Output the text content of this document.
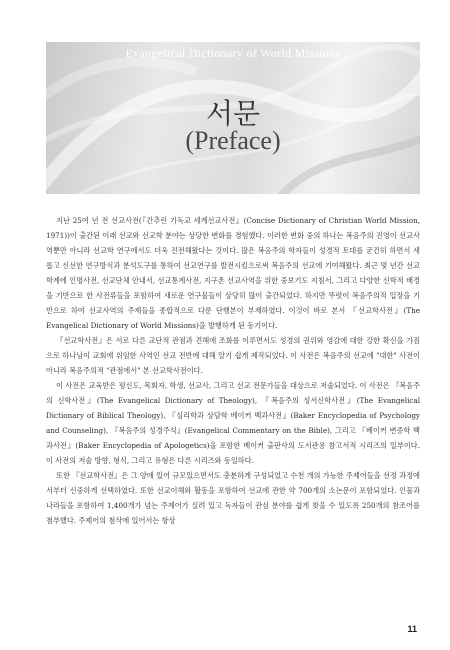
Evangelical Dictionary of World Missions
서문
(Preface)

지난 25여 년 전 선교사전(『간추린 기독교 세계선교사전』(Concise Dictionary of Christian World Mission, 1971))이 출간된 이래 선교와 선교학 분야는 상당한 변화를 경험했다. 이러한 변화 중의 하나는 복음주의 진영이 선교사역뿐만 아니라 선교학 연구에서도 더욱 진전해왔다는 것이다. 많은 복음주의 학자들이 성경적 토대를 굳건히 하면서 새롭고 신선한 연구방식과 분석도구를 통하여 선교연구를 발전시킴으로써 복음주의 선교에 기여해왔다. 최근 몇 년간 선교학계에 인명사전, 선교단체 안내서, 선교통계사전, 지구촌 선교사역을 위한 중보기도 지침서, 그리고 다양한 신학적 배경을 기반으로 한 사전류들을 포함하여 새로운 연구물들이 상당히 많이 출간되었다. 하지만 뚜렷이 복음주의적 입장을 기반으로 하여 선교사역의 주제들을 종합적으로 다룬 단행본이 부재하였다. 이것이 바로 본서 『선교학사전』(The Evangelical Dictionary of World Missions)을 발행하게 된 동기이다.

『선교학사전』은 서로 다른 교단적 관점과 견해에 조화를 이루면서도 성경의 권위와 영감에 대한 강한 확신을 가짐으로 하나님이 교회에 위임한 사역인 선교 전반에 대해 알기 쉽게 제작되었다. 이 사전은 복음주의 선교에 "대한" 사전이 아니라 복음주의적 "관점에서" 본 선교학사전이다.

이 사전은 교육받은 평신도, 목회자, 학생, 선교사, 그리고 선교 전문가들을 대상으로 저술되었다. 이 사전은 『복음주의 신학사전』(The Evangelical Dictionary of Theology), 『복음주의 성서신학사전』(The Evangelical Dictionary of Biblical Theology), 『심리학과 상담학 베이커 백과사전』(Baker Encyclopedia of Psychology and Counseling), 『복음주의 성경주석』(Evangelical Commentary on the Bible), 그리고 『베이커 변증학 백과사전』(Baker Encyclopedia of Apologetics)을 포함한 베이커 출판사의 도서관용 참고서적 시리즈의 일부이다. 이 사전의 저술 방향, 형식, 그리고 유형은 다른 시리즈와 동일하다.

또한 『선교학사전』은 그 양에 있어 규모있으면서도 충분하게 구성되었고 수천 개의 가능한 주제어들을 선정 과정에서부터 신중하게 선택하였다. 또한 선교이해와 활동을 포함하여 선교에 관한 약 700개의 소논문이 포함되었다. 인물과 나라들을 포함하여 1,400개가 넘는 주제어가 실려 있고 독자들이 관심 분야를 쉽게 찾을 수 있도록 250개의 참조어를 첨부했다. 주제어의 첨삭에 있어서는 항상

11
